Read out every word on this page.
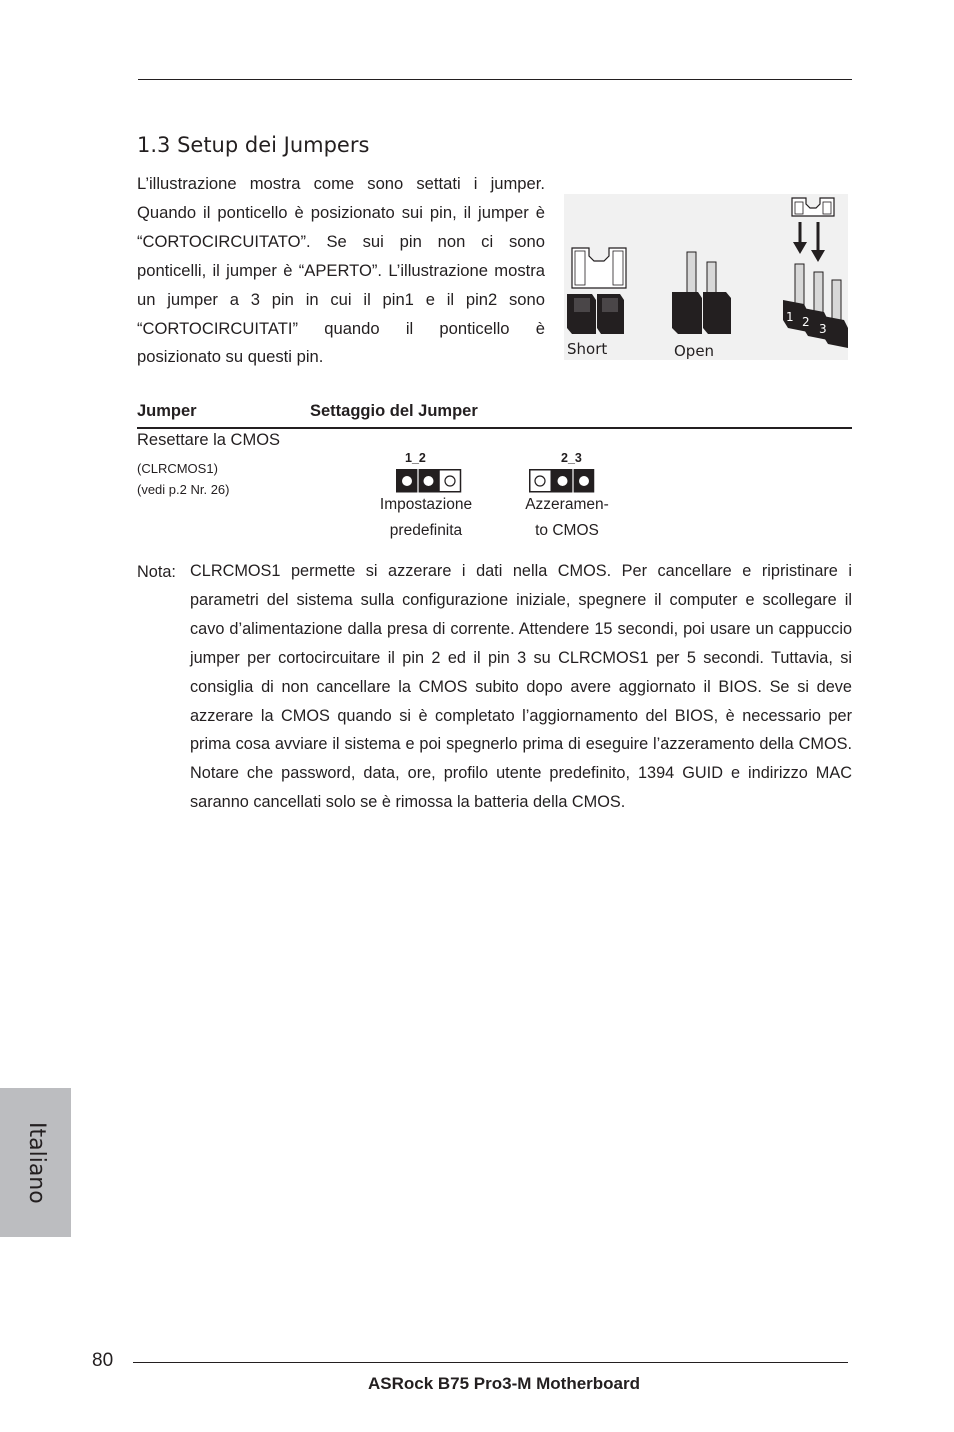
1.3 Setup dei Jumpers
L’illustrazione mostra come sono settati i jumper. Quando il ponticello è posizionato sui pin, il jumper è “CORTOCIRCUITATO”. Se sui pin non ci sono ponticelli, il jumper è “APERTO”. L’illustrazione mostra un jumper a 3 pin in cui il pin1 e il pin2 sono “CORTOCIRCUITATI” quando il ponticello è posizionato su questi pin.
1 2 3
Short	Open
Jumper	Settaggio del Jumper
Resettare la CMOS
(CLRCMOS1)
(vedi p.2 Nr. 26)
1_2
Impostazione
predefinita
2_3
Azzeramen-
to CMOS
Nota: CLRCMOS1 permette si azzerare i dati nella CMOS. Per cancellare e ripristinare i parametri del sistema sulla configurazione iniziale, spegnere il computer e scollegare il cavo d’alimentazione dalla presa di corrente. Attendere 15 secondi, poi usare un cappuccio jumper per cortocircuitare il pin 2 ed il pin 3 su CLRCMOS1 per 5 secondi. Tuttavia, si consiglia di non cancellare la CMOS subito dopo avere aggiornato il BIOS. Se si deve azzerare la CMOS quando si è completato l’aggiornamento del BIOS, è necessario per prima cosa avviare il sistema e poi spegnerlo prima di eseguire l’azzeramento della CMOS. Notare che password, data, ore, profilo utente predefinito, 1394 GUID e indirizzo MAC saranno cancellati solo se è rimossa la batteria della CMOS.
Italiano
80
ASRock B75 Pro3-M Motherboard
